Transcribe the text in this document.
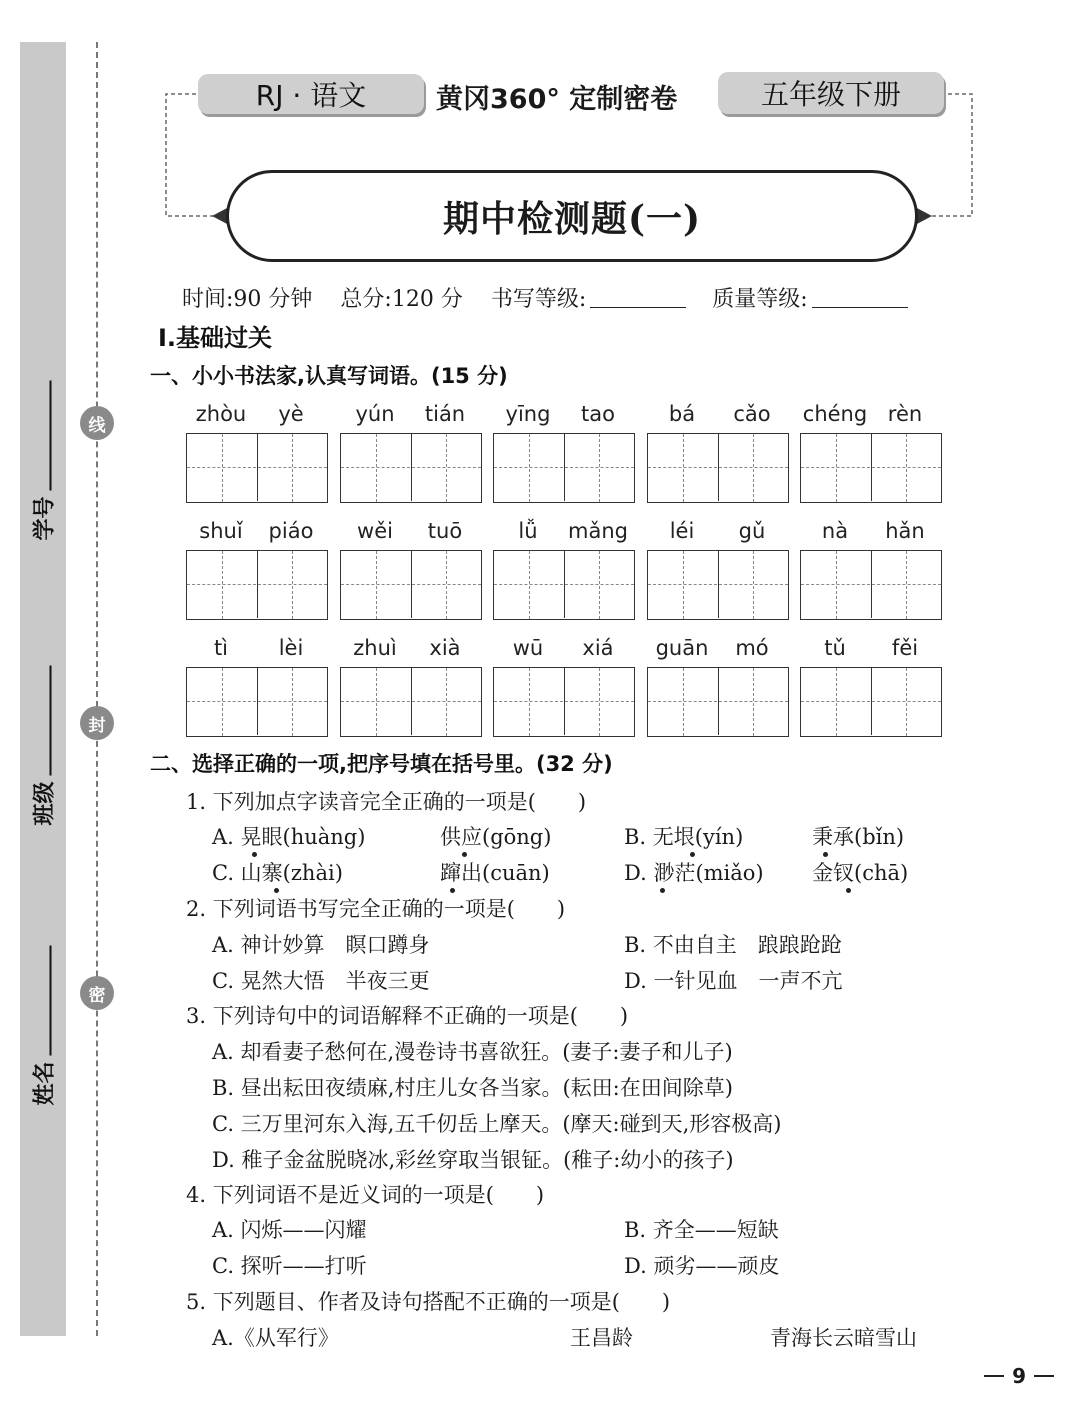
学号
班级
姓名
线
封
密
RJ · 语文	黄冈360° 定制密卷	五年级下册
期中检测题(一)
时间:90 分钟 总分:120 分 书写等级:	质量等级:
Ⅰ.基础过关
一、小小书法家,认真写词语。(15 分)
zhòu	yè	yún	tián	yīng	tao	bá	cǎo	chéng rèn
shuǐ	piáo	wěi	tuō	lǚ	mǎng	léi	gǔ	nà	hǎn
tì	lèi	zhuì	xià	wū	xiá	guān	mó	tǔ	fěi
二、选择正确的一项,把序号填在括号里。(32 分)
1. 下列加点字读音完全正确的一项是(　　)
A. 晃眼(huàng)	供应(gōng)	B. 无垠(yín)	秉承(bǐn)
C. 山寨(zhài)	蹿出(cuān)	D. 渺茫(miǎo) 金钗(chā)
2. 下列词语书写完全正确的一项是(　　)
A. 神计妙算　瞑口蹲身	B. 不由自主　踉踉跄跄
C. 晃然大悟　半夜三更	D. 一针见血　一声不亢
3. 下列诗句中的词语解释不正确的一项是(　　)
A. 却看妻子愁何在,漫卷诗书喜欲狂。(妻子:妻子和儿子)
B. 昼出耘田夜绩麻,村庄儿女各当家。(耘田:在田间除草)
C. 三万里河东入海,五千仞岳上摩天。(摩天:碰到天,形容极高)
D. 稚子金盆脱晓冰,彩丝穿取当银钲。(稚子:幼小的孩子)
4. 下列词语不是近义词的一项是(　　)
A. 闪烁——闪耀	B. 齐全——短缺
C. 探听——打听	D. 顽劣——顽皮
5. 下列题目、作者及诗句搭配不正确的一项是(　　)
A.《从军行》	王昌龄	青海长云暗雪山
9
